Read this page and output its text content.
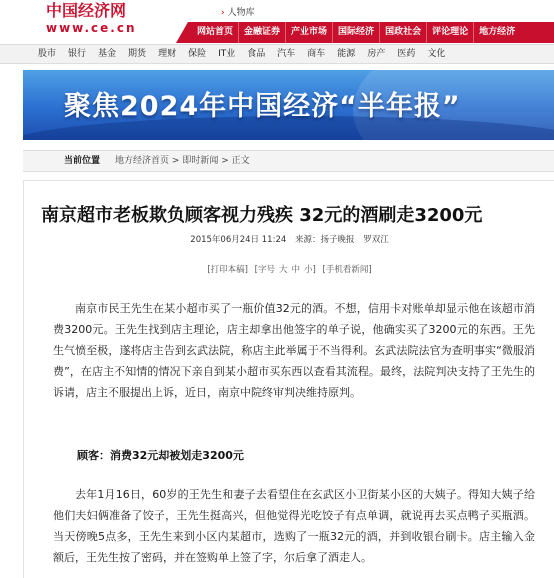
中国经济网
www.ce.cn
› 人物库
网站首页	金融证券	产业市场	国际经济	国政社会	评论理论	地方经济
股市	银行	基金	期货	理财	保险	IT业	食品	汽车	商车	能源	房产	医药	文化
聚焦2024年中国经济“半年报”
当前位置 地方经济首页 > 即时新闻 > 正文
南京超市老板欺负顾客视力残疾 32元的酒刷走3200元
2015年06月24日 11:24 来源：扬子晚报 罗双江
[打印本稿] [字号 大 中 小] [手机看新闻]

南京市民王先生在某小超市买了一瓶价值32元的酒。不想，信用卡对账单却显示他在该超市消费3200元。王先生找到店主理论，店主却拿出他签字的单子说，他确实买了3200元的东西。王先生气愤至极，遂将店主告到玄武法院，称店主此举属于不当得利。玄武法院法官为查明事实“微服消费”，在店主不知情的情况下亲自到某小超市买东西以查看其流程。最终，法院判决支持了王先生的诉请，店主不服提出上诉，近日，南京中院终审判决维持原判。

顾客：消费32元却被划走3200元

去年1月16日，60岁的王先生和妻子去看望住在玄武区小卫街某小区的大姨子。得知大姨子给他们夫妇俩准备了饺子，王先生挺高兴，但他觉得光吃饺子有点单调，就说再去买点鸭子买瓶酒。当天傍晚5点多，王先生来到小区内某超市，选购了一瓶32元的酒，并到收银台刷卡。店主输入金额后，王先生按了密码，并在签购单上签了字，尔后拿了酒走人。
